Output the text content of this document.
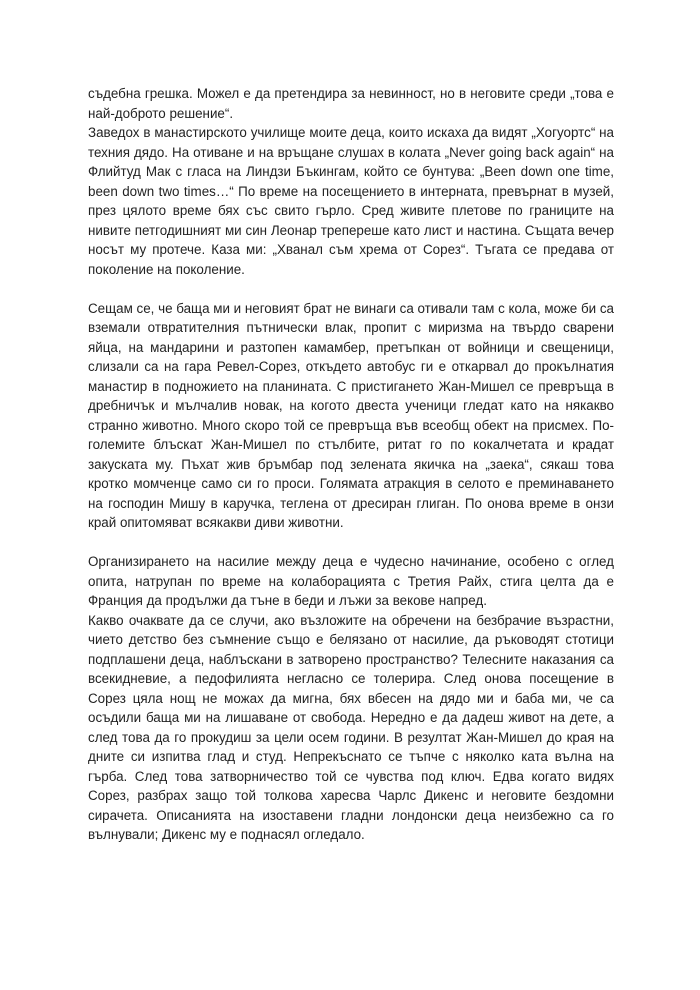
съдебна грешка. Можел е да претендира за невинност, но в неговите среди „това е най-доброто решение“.

Заведох в манастирското училище моите деца, които искаха да видят „Хогуортс“ на техния дядо. На отиване и на връщане слушах в колата „Never going back again“ на Флийтуд Мак с гласа на Линдзи Бъкингам, който се бунтува: „Been down one time, been down two times…“ По време на посещението в интерната, превърнат в музей, през цялото време бях със свито гърло. Сред живите плетове по границите на нивите петгодишният ми син Леонар трепереше като лист и настина. Същата вечер носът му протече. Каза ми: „Хванал съм хрема от Сорез“. Тъгата се предава от поколение на поколение.

Сещам се, че баща ми и неговият брат не винаги са отивали там с кола, може би са вземали отвратителния пътнически влак, пропит с миризма на твърдо сварени яйца, на мандарини и разтопен камамбер, претъпкан от войници и свещеници, слизали са на гара Ревел-Сорез, откъдето автобус ги е откарвал до прокълнатия манастир в подножието на планината. С пристигането Жан-Мишел се превръща в дребничък и мълчалив новак, на когото двеста ученици гледат като на някакво странно животно. Много скоро той се превръща във всеобщ обект на присмех. По-големите блъскат Жан-Мишел по стълбите, ритат го по кокалчетата и крадат закуската му. Пъхат жив бръмбар под зелената якичка на „заека“, сякаш това кротко момченце само си го проси. Голямата атракция в селото е преминаването на господин Мишу в каручка, теглена от дресиран глиган. По онова време в онзи край опитомяват всякакви диви животни.

Организирането на насилие между деца е чудесно начинание, особено с оглед опита, натрупан по време на колаборацията с Третия Райх, стига целта да е Франция да продължи да тъне в беди и лъжи за векове напред.

Какво очаквате да се случи, ако възложите на обречени на безбрачие възрастни, чието детство без съмнение също е белязано от насилие, да ръководят стотици подплашени деца, наблъскани в затворено пространство? Телесните наказания са всекидневие, а педофилията негласно се толерира. След онова посещение в Сорез цяла нощ не можах да мигна, бях вбесен на дядо ми и баба ми, че са осъдили баща ми на лишаване от свобода. Нередно е да дадеш живот на дете, а след това да го прокудиш за цели осем години. В резултат Жан-Мишел до края на дните си изпитва глад и студ. Непрекъснато се тъпче с няколко ката вълна на гърба. След това затворничество той се чувства под ключ. Едва когато видях Сорез, разбрах защо той толкова харесва Чарлс Дикенс и неговите бездомни сирачета. Описанията на изоставени гладни лондонски деца неизбежно са го вълнували; Дикенс му е поднасял огледало.
